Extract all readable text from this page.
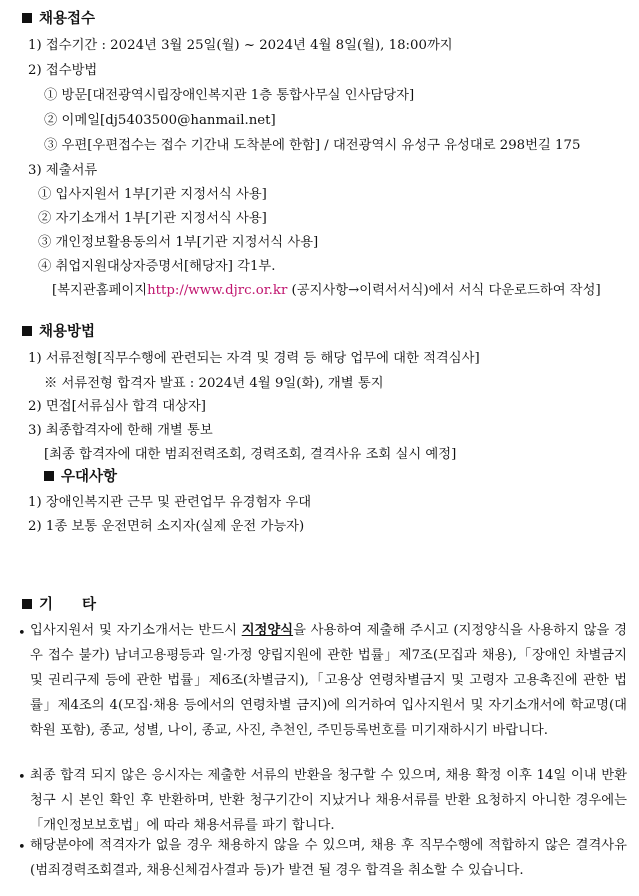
채용접수
1) 접수기간 : 2024년 3월 25일(월) ~ 2024년 4월 8일(월), 18:00까지
2) 접수방법
① 방문[대전광역시립장애인복지관 1층 통합사무실 인사담당자]
② 이메일[dj5403500@hanmail.net]
③ 우편[우편접수는 접수 기간내 도착분에 한함] / 대전광역시 유성구 유성대로 298번길 175
3) 제출서류
① 입사지원서 1부[기관 지정서식 사용]
② 자기소개서 1부[기관 지정서식 사용]
③ 개인정보활용동의서 1부[기관 지정서식 사용]
④ 취업지원대상자증명서[해당자] 각1부.
[복지관홈페이지http://www.djrc.or.kr (공지사항→이력서서식)에서 서식 다운로드하여 작성]
채용방법
1) 서류전형[직무수행에 관련되는 자격 및 경력 등 해당 업무에 대한 적격심사]
※ 서류전형 합격자 발표 : 2024년 4월 9일(화), 개별 통지
2) 면접[서류심사 합격 대상자]
3) 최종합격자에 한해 개별 통보
[최종 합격자에 대한 범죄전력조회, 경력조회, 결격사유 조회 실시 예정]
우대사항
1) 장애인복지관 근무 및 관련업무 유경험자 우대
2) 1종 보통 운전면허 소지자(실제 운전 가능자)
기　　타
• 입사지원서 및 자기소개서는 반드시 지정양식을 사용하여 제출해 주시고 (지정양식을 사용하지 않을 경우 접수 불가) 남녀고용평등과 일·가정 양립지원에 관한 법률」제7조(모집과 채용),「장애인 차별금지 및 권리구제 등에 관한 법률」제6조(차별금지),「고용상 연령차별금지 및 고령자 고용촉진에 관한 법률」제4조의 4(모집·채용 등에서의 연령차별 금지)에 의거하여 입사지원서 및 자기소개서에 학교명(대학원 포함), 종교, 성별, 나이, 종교, 사진, 추천인, 주민등록번호를 미기재하시기 바랍니다.
• 최종 합격 되지 않은 응시자는 제출한 서류의 반환을 청구할 수 있으며, 채용 확정 이후 14일 이내 반환 청구 시 본인 확인 후 반환하며, 반환 청구기간이 지났거나 채용서류를 반환 요청하지 아니한 경우에는「개인정보보호법」에 따라 채용서류를 파기 합니다.
• 해당분야에 적격자가 없을 경우 채용하지 않을 수 있으며, 채용 후 직무수행에 적합하지 않은 결격사유(범죄경력조회결과, 채용신체검사결과 등)가 발견 될 경우 합격을 취소할 수 있습니다.
